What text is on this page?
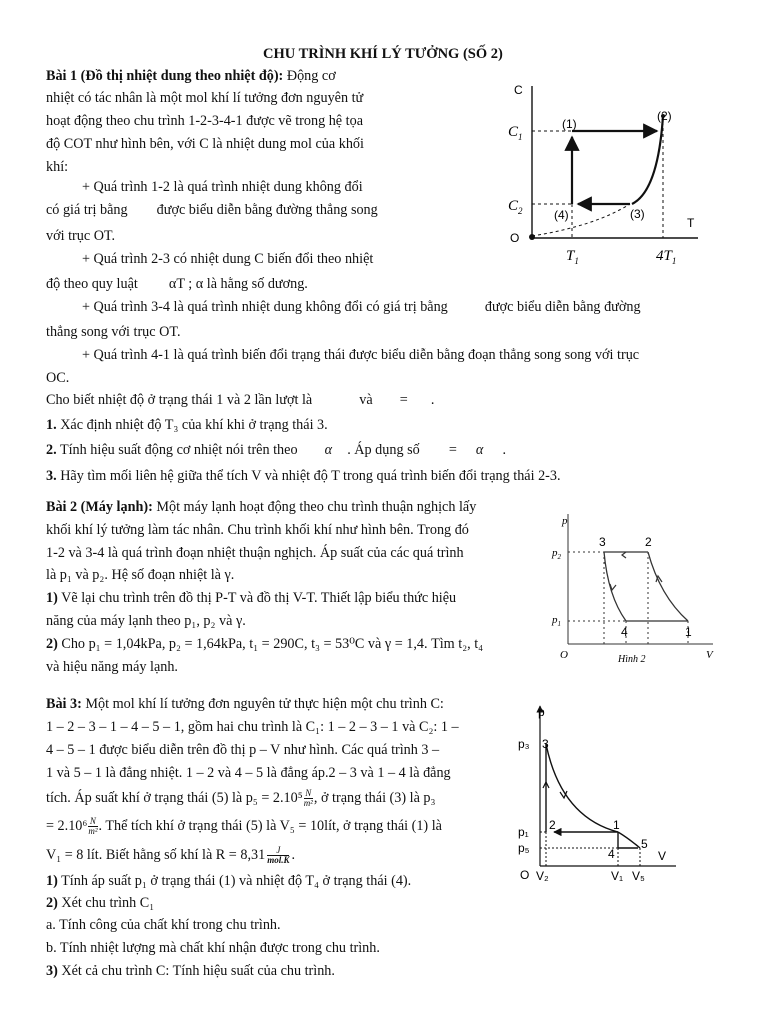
CHU TRÌNH KHÍ LÝ TƯỞNG (SỐ 2)
Bài 1 (Đồ thị nhiệt dung theo nhiệt độ): Động cơ
nhiệt có tác nhân là một mol khí lí tưởng đơn nguyên tử
hoạt động theo chu trình 1-2-3-4-1 được vẽ trong hệ tọa
độ COT như hình bên, với C là nhiệt dung mol của khối
khí:
+ Quá trình 1-2 là quá trình nhiệt dung không đổi
có giá trị bằng được biểu diễn bằng đường thẳng song
với trục OT.
+ Quá trình 2-3 có nhiệt dung C biến đổi theo nhiệt
độ theo quy luật αT ; α là hằng số dương.
+ Quá trình 3-4 là quá trình nhiệt dung không đổi có giá trị bằng	được biểu diễn bằng đường
thẳng song với trục OT.
+ Quá trình 4-1 là quá trình biến đổi trạng thái được biểu diễn bằng đoạn thẳng song song với trục
OC.
Cho biết nhiệt độ ở trạng thái 1 và 2 lần lượt là	và = .
1. Xác định nhiệt độ T₃ của khí khi ở trạng thái 3.
2. Tính hiệu suất động cơ nhiệt nói trên theo α . Áp dụng số = α .
3. Hãy tìm mối liên hệ giữa thể tích V và nhiệt độ T trong quá trình biến đổi trạng thái 2-3.
C
T
O
$C_1$
$C_2$
$T_1$	$4T_1$
(1)
(2)
(3)
(4)
Bài 2 (Máy lạnh): Một máy lạnh hoạt động theo chu trình thuận nghịch lấy
khối khí lý tưởng làm tác nhân. Chu trình khối khí như hình bên. Trong đó
1-2 và 3-4 là quá trình đoạn nhiệt thuận nghịch. Áp suất của các quá trình
là p₁ và p₂. Hệ số đoạn nhiệt là γ.
1) Vẽ lại chu trình trên đồ thị P-T và đồ thị V-T. Thiết lập biểu thức hiệu
năng của máy lạnh theo p₁, p₂ và γ.
2) Cho p₁ = 1,04kPa, p₂ = 1,64kPa, t₁ = 290C, t₃ = 53⁰C và γ = 1,4. Tìm t₂, t₄
và hiệu năng máy lạnh.
p
V
O
$p_2$
$p_1$
3	2
4	1
Hình 2
Bài 3: Một mol khí lí tưởng đơn nguyên tử thực hiện một chu trình C:
1 – 2 – 3 – 1 – 4 – 5 – 1, gồm hai chu trình là C₁: 1 – 2 – 3 – 1 và C₂: 1 –
4 – 5 – 1 được biểu diễn trên đồ thị p – V như hình. Các quá trình 3 –
1 và 5 – 1 là đẳng nhiệt. 1 – 2 và 4 – 5 là đẳng áp.2 – 3 và 1 – 4 là đẳng
tích. Áp suất khí ở trạng thái (5) là $p_5 = 2.10^5 \frac{N}{\text{m²}}$ , ở trạng thái (3) là p₃
= $2.10^6 \frac{N}{\text{m²}}$ . Thể tích khí ở trạng thái (5) là V₅ = 10lít, ở trạng thái (1) là
V₁ = 8 lít. Biết hằng số khí là R = 8,31	J
mol.K .
1) Tính áp suất p₁ ở trạng thái (1) và nhiệt độ T₄ ở trạng thái (4).
2) Xét chu trình C₁
a. Tính công của chất khí trong chu trình.
b. Tính nhiệt lượng mà chất khí nhận được trong chu trình.
3) Xét cả chu trình C: Tính hiệu suất của chu trình.
p
V
O
p₃
p₁
p₅
V₂	V₁ V₅
3
2	1
4
5
